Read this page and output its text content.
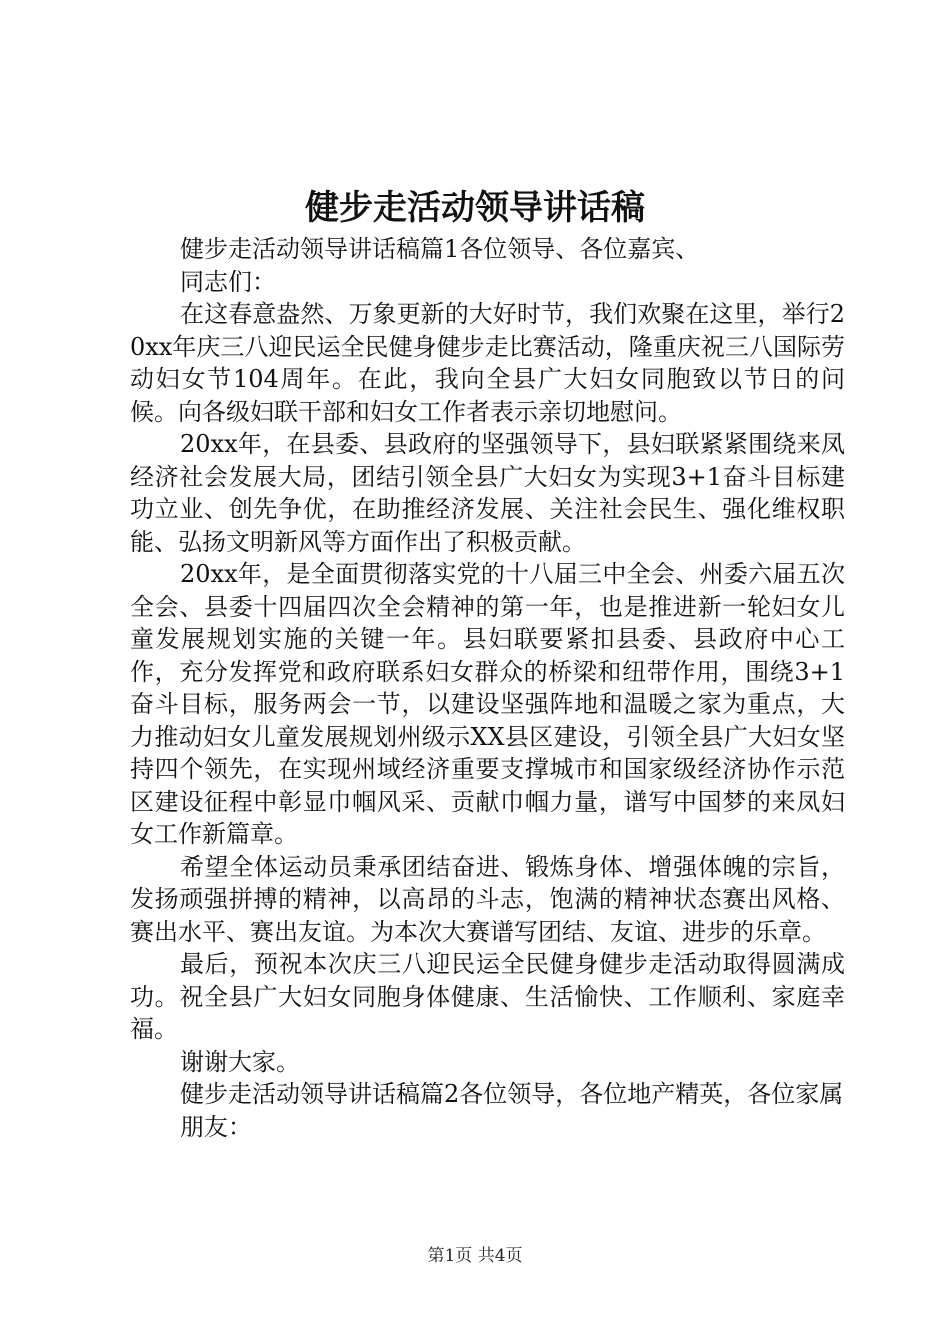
健步走活动领导讲话稿

健步走活动领导讲话稿篇1各位领导、各位嘉宾、

同志们：

在这春意盎然、万象更新的大好时节，我们欢聚在这里，举行20xx年庆三八迎民运全民健身健步走比赛活动，隆重庆祝三八国际劳动妇女节104周年。在此，我向全县广大妇女同胞致以节日的问候。向各级妇联干部和妇女工作者表示亲切地慰问。

20xx年，在县委、县政府的坚强领导下，县妇联紧紧围绕来凤经济社会发展大局，团结引领全县广大妇女为实现3+1奋斗目标建功立业、创先争优，在助推经济发展、关注社会民生、强化维权职能、弘扬文明新风等方面作出了积极贡献。

20xx年，是全面贯彻落实党的十八届三中全会、州委六届五次全会、县委十四届四次全会精神的第一年，也是推进新一轮妇女儿童发展规划实施的关键一年。县妇联要紧扣县委、县政府中心工作，充分发挥党和政府联系妇女群众的桥梁和纽带作用，围绕3+1奋斗目标，服务两会一节，以建设坚强阵地和温暖之家为重点，大力推动妇女儿童发展规划州级示XX县区建设，引领全县广大妇女坚持四个领先，在实现州域经济重要支撑城市和国家级经济协作示范区建设征程中彰显巾帼风采、贡献巾帼力量，谱写中国梦的来凤妇女工作新篇章。

希望全体运动员秉承团结奋进、锻炼身体、增强体魄的宗旨，发扬顽强拼搏的精神，以高昂的斗志，饱满的精神状态赛出风格、赛出水平、赛出友谊。为本次大赛谱写团结、友谊、进步的乐章。

最后，预祝本次庆三八迎民运全民健身健步走活动取得圆满成功。祝全县广大妇女同胞身体健康、生活愉快、工作顺利、家庭幸福。

谢谢大家。

健步走活动领导讲话稿篇2各位领导，各位地产精英，各位家属

朋友：

第1页 共4页
